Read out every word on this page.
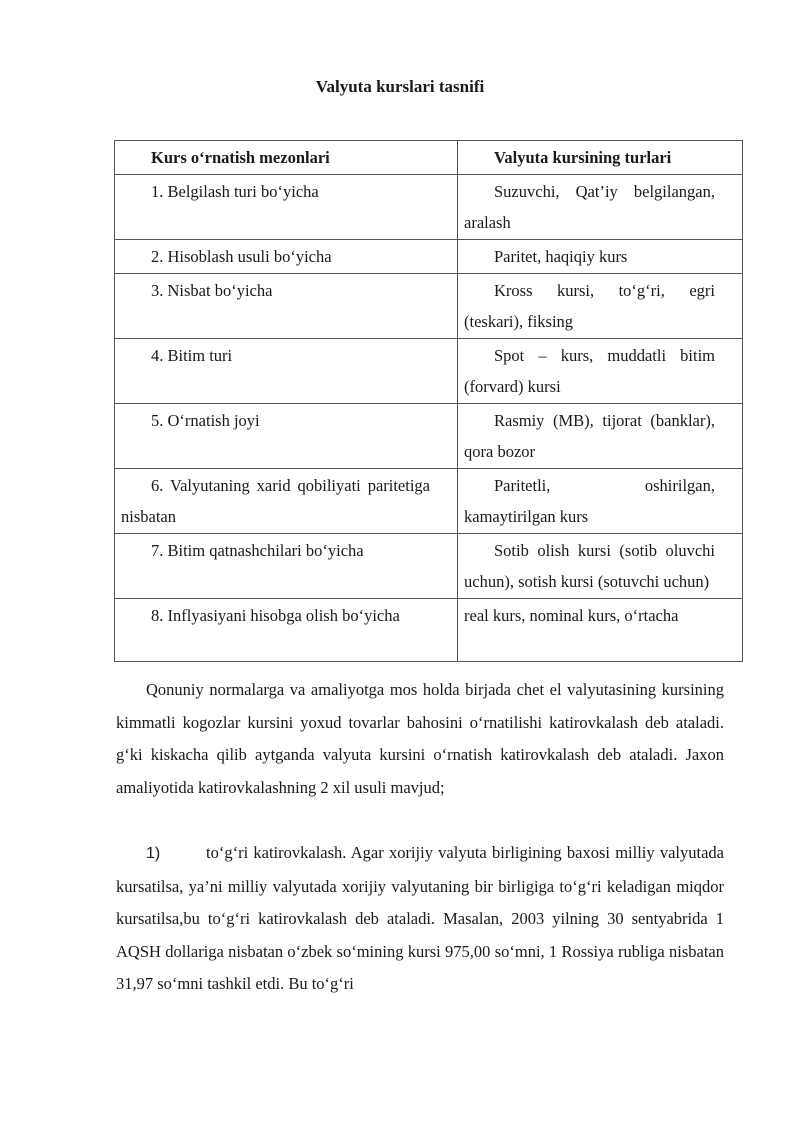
Valyuta kurslari tasnifi
Kurs o‘rnatish mezonlari	Valyuta kursining turlari

1. Belgilash turi bo‘yicha	Suzuvchi, Qat’iy belgilangan, aralash

2. Hisoblash usuli bo‘yicha	Paritet, haqiqiy kurs

3. Nisbat bo‘yicha	Kross kursi, to‘g‘ri, egri (teskari), fiksing

4. Bitim turi	Spot – kurs, muddatli bitim (forvard) kursi

5. O‘rnatish joyi	Rasmiy (MB), tijorat (banklar), qora bozor

6. Valyutaning xarid qobiliyati paritetiga nisbatan	Paritetli, oshirilgan, kamaytirilgan kurs

7. Bitim qatnashchilari bo‘yicha	Sotib olish kursi (sotib oluvchi uchun), sotish kursi (sotuvchi uchun)

8. Inflyasiyani hisobga olish bo‘yicha	real kurs, nominal kurs, o‘rtacha
Qonuniy normalarga va amaliyotga mos holda birjada chet el valyutasining kursining kimmatli kogozlar kursini yoxud tovarlar bahosini o‘rnatilishi katirovkalash deb ataladi. g‘ki kiskacha qilib aytganda valyuta kursini o‘rnatish katirovkalash deb ataladi. Jaxon amaliyotida katirovkalashning 2 xil usuli mavjud;
1)	to‘g‘ri katirovkalash. Agar xorijiy valyuta birligining baxosi milliy valyutada kursatilsa, ya’ni milliy valyutada xorijiy valyutaning bir birligiga to‘g‘ri keladigan miqdor kursatilsa,bu to‘g‘ri katirovkalash deb ataladi. Masalan, 2003 yilning 30 sentyabrida 1 AQSH dollariga nisbatan o‘zbek so‘mining kursi 975,00 so‘mni, 1 Rossiya rubliga nisbatan 31,97 so‘mni tashkil etdi. Bu to‘g‘ri
